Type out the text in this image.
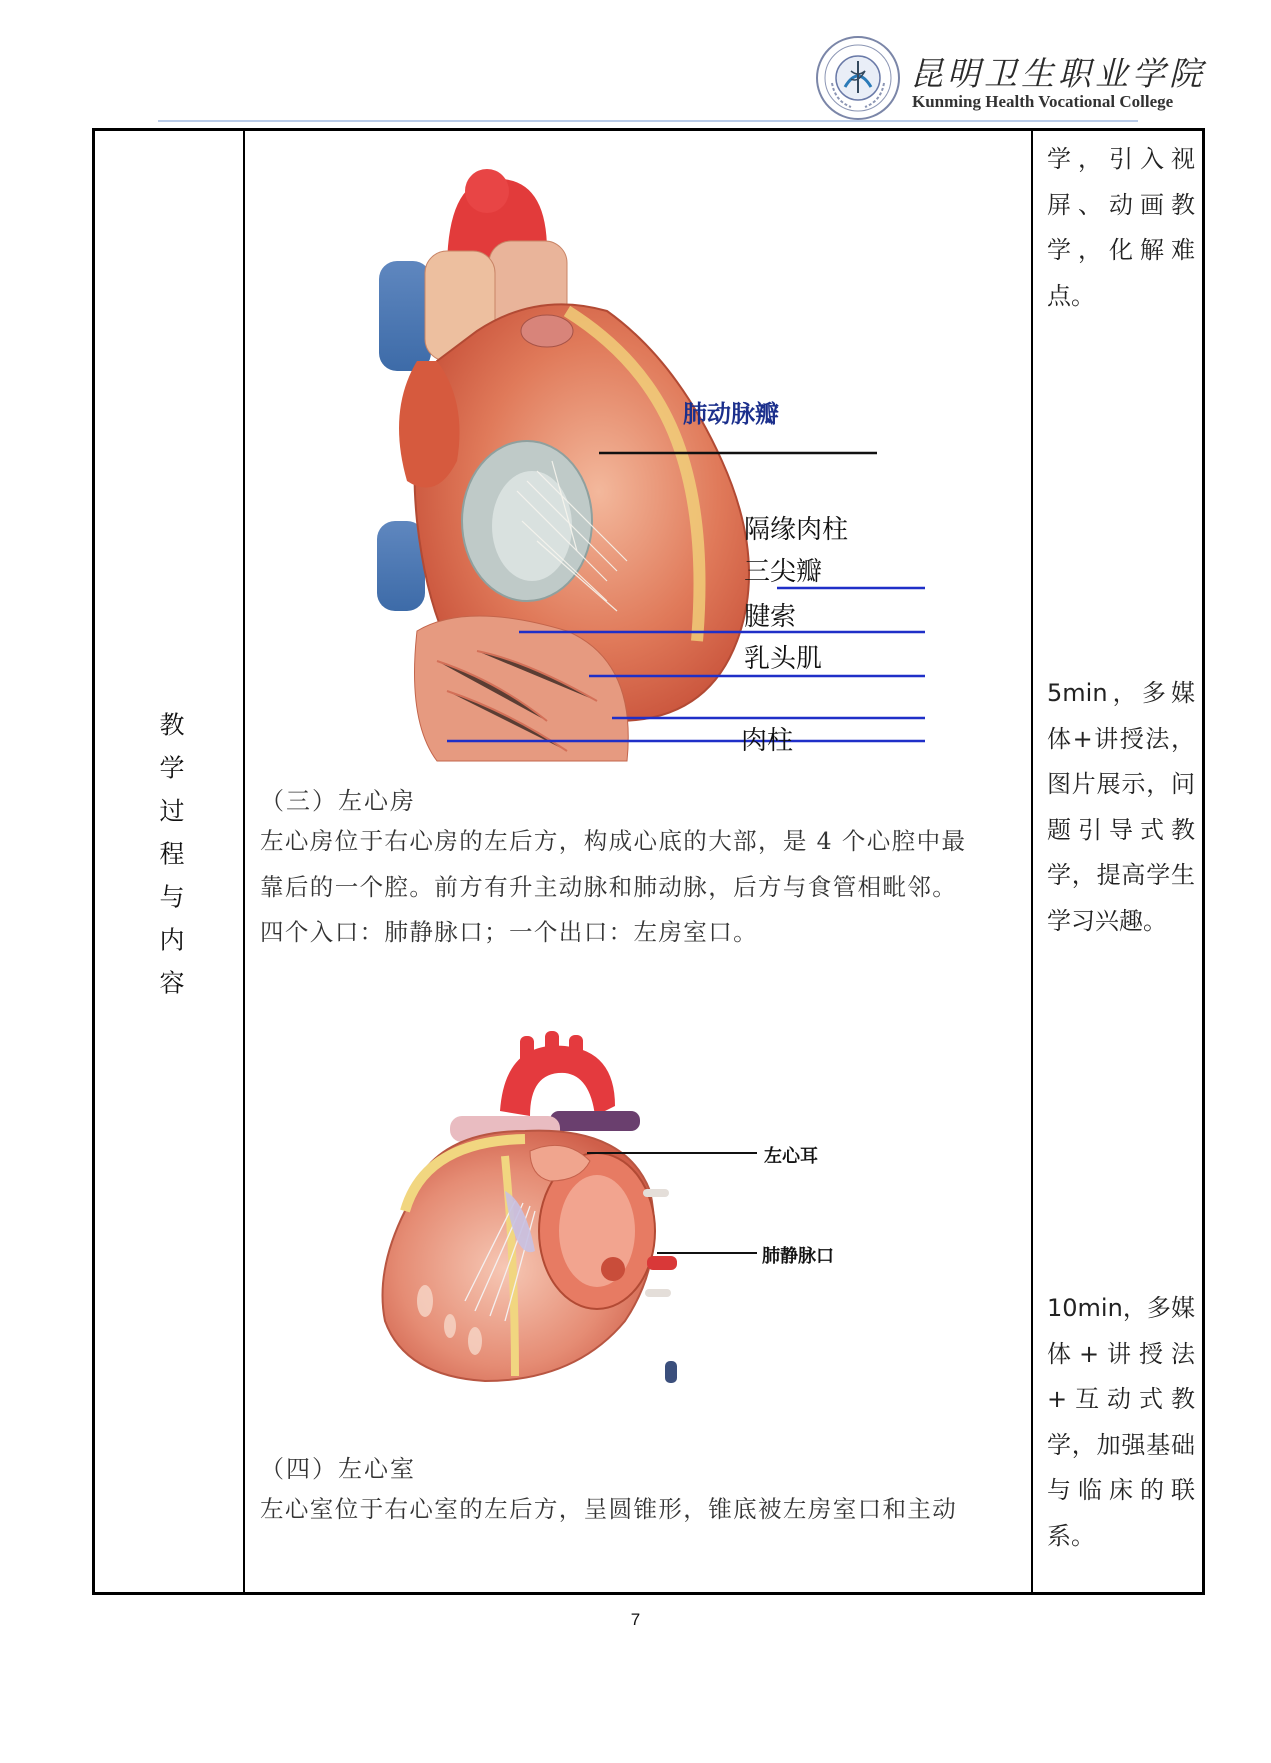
昆明卫生职业学院
Kunming Health Vocational College
教学过程与内容
肺动脉瓣
隔缘肉柱
三尖瓣
腱索
乳头肌
肉柱
（三）左心房
左心房位于右心房的左后方，构成心底的大部，是 4 个心腔中最
靠后的一个腔。前方有升主动脉和肺动脉，后方与食管相毗邻。
四个入口：肺静脉口；一个出口：左房室口。
左心耳
肺静脉口
（四）左心室
左心室位于右心室的左后方，呈圆锥形，锥底被左房室口和主动
学，引入视屏、动画教学，化解难点。
5min，多媒体+讲授法，图片展示，问题引导式教学，提高学生学习兴趣。
10min，多媒体+讲授法+互动式教学，加强基础与临床的联系。
7
